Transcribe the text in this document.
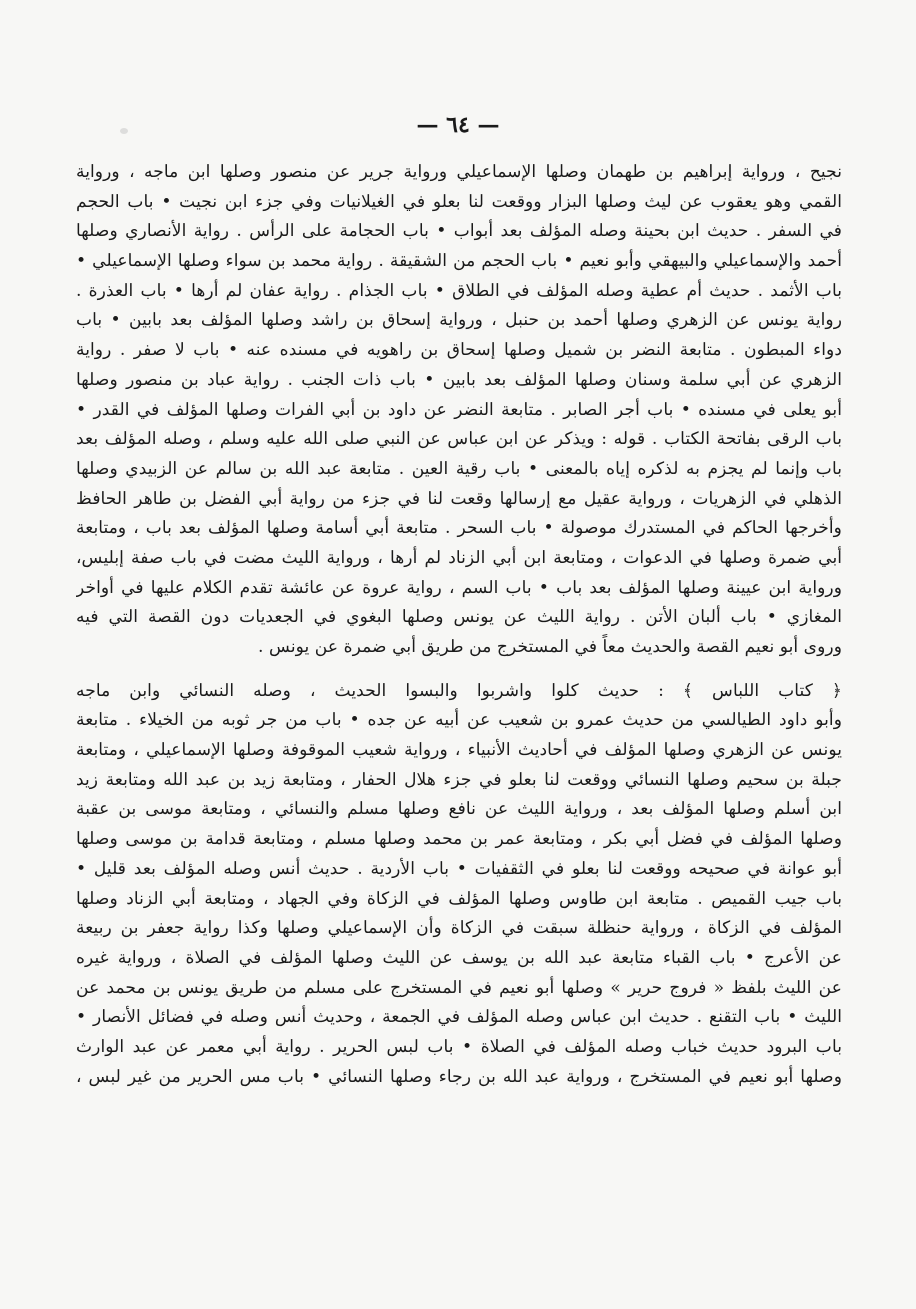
— ٦٤ —
نجيح ، ورواية إبراهيم بن طهمان وصلها الإسماعيلي ورواية جرير عن منصور وصلها ابن ماجه ، ورواية
القمي وهو يعقوب عن ليث وصلها البزار ووقعت لنا بعلو في الغيلانيات وفي جزء ابن نجيت • باب الحجم
في السفر . حديث ابن بحينة وصله المؤلف بعد أبواب • باب الحجامة على الرأس . رواية الأنصاري وصلها
أحمد والإسماعيلي والبيهقي وأبو نعيم • باب الحجم من الشقيقة . رواية محمد بن سواء وصلها الإسماعيلي •
باب الأثمد . حديث أم عطية وصله المؤلف في الطلاق • باب الجذام . رواية عفان لم أرها • باب العذرة .
رواية يونس عن الزهري وصلها أحمد بن حنبل ، ورواية إسحاق بن راشد وصلها المؤلف بعد بابين • باب
دواء المبطون . متابعة النضر بن شميل وصلها إسحاق بن راهويه في مسنده عنه • باب لا صفر . رواية
الزهري عن أبي سلمة وسنان وصلها المؤلف بعد بابين • باب ذات الجنب . رواية عباد بن منصور وصلها
أبو يعلى في مسنده • باب أجر الصابر . متابعة النضر عن داود بن أبي الفرات وصلها المؤلف في القدر •
باب الرقى بفاتحة الكتاب . قوله : ويذكر عن ابن عباس عن النبي صلى الله عليه وسلم ، وصله المؤلف بعد
باب وإنما لم يجزم به لذكره إياه بالمعنى • باب رقية العين . متابعة عبد الله بن سالم عن الزبيدي وصلها
الذهلي في الزهريات ، ورواية عقيل مع إرسالها وقعت لنا في جزء من رواية أبي الفضل بن طاهر الحافظ
وأخرجها الحاكم في المستدرك موصولة • باب السحر . متابعة أبي أسامة وصلها المؤلف بعد باب ، ومتابعة
أبي ضمرة وصلها في الدعوات ، ومتابعة ابن أبي الزناد لم أرها ، ورواية الليث مضت في باب صفة إبليس،
ورواية ابن عيينة وصلها المؤلف بعد باب • باب السم ، رواية عروة عن عائشة تقدم الكلام عليها في أواخر
المغازي • باب ألبان الأتن . رواية الليث عن يونس وصلها البغوي في الجعديات دون القصة التي فيه
وروى أبو نعيم القصة والحديث معاً في المستخرج من طريق أبي ضمرة عن يونس .
﴿ كتاب اللباس ﴾ : حديث كلوا واشربوا والبسوا الحديث ، وصله النسائي وابن ماجه
وأبو داود الطيالسي من حديث عمرو بن شعيب عن أبيه عن جده • باب من جر ثوبه من الخيلاء . متابعة
يونس عن الزهري وصلها المؤلف في أحاديث الأنبياء ، ورواية شعيب الموقوفة وصلها الإسماعيلي ، ومتابعة
جبلة بن سحيم وصلها النسائي ووقعت لنا بعلو في جزء هلال الحفار ، ومتابعة زيد بن عبد الله ومتابعة زيد
ابن أسلم وصلها المؤلف بعد ، ورواية الليث عن نافع وصلها مسلم والنسائي ، ومتابعة موسى بن عقبة
وصلها المؤلف في فضل أبي بكر ، ومتابعة عمر بن محمد وصلها مسلم ، ومتابعة قدامة بن موسى وصلها
أبو عوانة في صحيحه ووقعت لنا بعلو في الثقفيات • باب الأردية . حديث أنس وصله المؤلف بعد قليل •
باب جيب القميص . متابعة ابن طاوس وصلها المؤلف في الزكاة وفي الجهاد ، ومتابعة أبي الزناد وصلها
المؤلف في الزكاة ، ورواية حنظلة سبقت في الزكاة وأن الإسماعيلي وصلها وكذا رواية جعفر بن ربيعة
عن الأعرج • باب القباء متابعة عبد الله بن يوسف عن الليث وصلها المؤلف في الصلاة ، ورواية غيره
عن الليث بلفظ « فروج حرير » وصلها أبو نعيم في المستخرج على مسلم من طريق يونس بن محمد عن
الليث • باب التقنع . حديث ابن عباس وصله المؤلف في الجمعة ، وحديث أنس وصله في فضائل الأنصار •
باب البرود حديث خباب وصله المؤلف في الصلاة • باب لبس الحرير . رواية أبي معمر عن عبد الوارث
وصلها أبو نعيم في المستخرج ، ورواية عبد الله بن رجاء وصلها النسائي • باب مس الحرير من غير لبس ،
